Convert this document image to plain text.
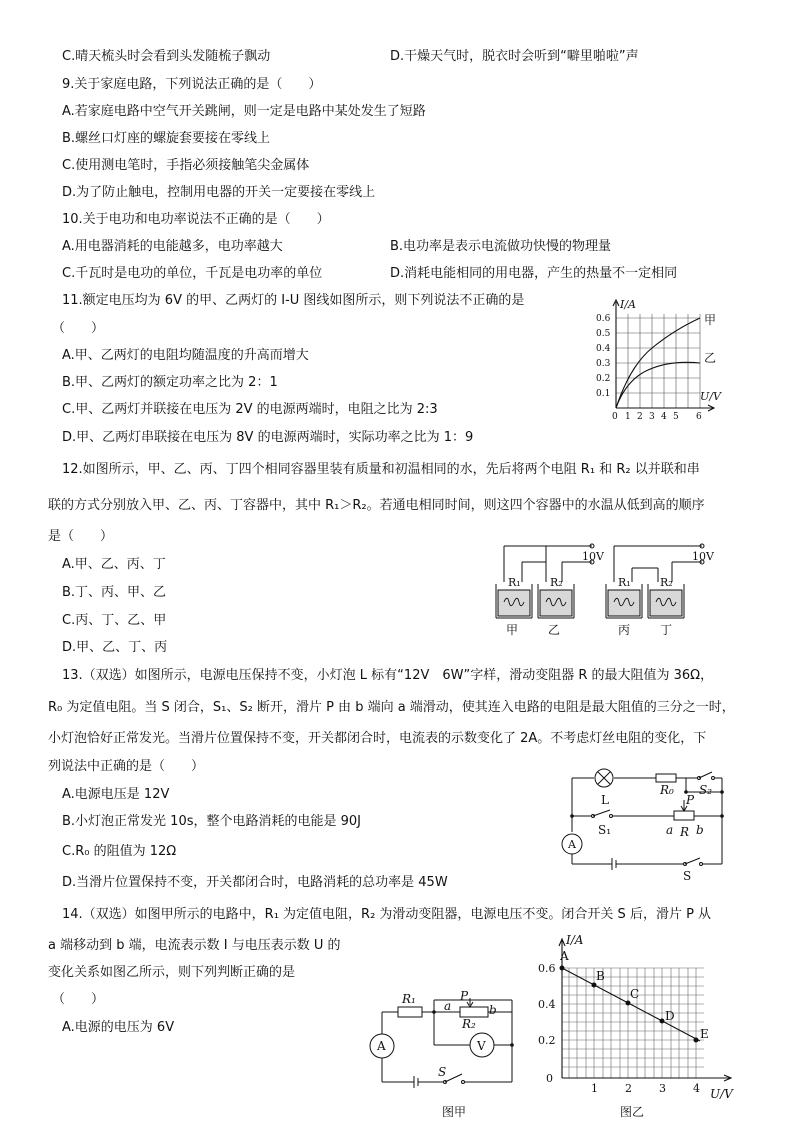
C.晴天梳头时会看到头发随梳子飘动	D.干燥天气时，脱衣时会听到“噼里啪啦”声
9.关于家庭电路，下列说法正确的是（　　）
A.若家庭电路中空气开关跳闸，则一定是电路中某处发生了短路
B.螺丝口灯座的螺旋套要接在零线上
C.使用测电笔时，手指必须接触笔尖金属体
D.为了防止触电，控制用电器的开关一定要接在零线上
10.关于电功和电功率说法不正确的是（　　）
A.用电器消耗的电能越多，电功率越大	B.电功率是表示电流做功快慢的物理量
C.千瓦时是电功的单位，千瓦是电功率的单位	D.消耗电能相同的用电器，产生的热量不一定相同
11.额定电压均为 6V 的甲、乙两灯的 I-U 图线如图所示，则下列说法不正确的是
（　　）
A.甲、乙两灯的电阻均随温度的升高而增大
B.甲、乙两灯的额定功率之比为 2：1
C.甲、乙两灯并联接在电压为 2V 的电源两端时，电阻之比为 2:3
D.甲、乙两灯串联接在电压为 8V 的电源两端时，实际功率之比为 1：9
I/A
U/V
0.6
0.5
0.4
0.3
0.2
0.1
0 1 2 3 4 5 6
甲
乙
12.如图所示，甲、乙、丙、丁四个相同容器里装有质量和初温相同的水，先后将两个电阻 R₁ 和 R₂ 以并联和串
联的方式分别放入甲、乙、丙、丁容器中，其中 R₁＞R₂。若通电相同时间，则这四个容器中的水温从低到高的顺序
是（　　）
A.甲、乙、丙、丁
B.丁、丙、甲、乙
C.丙、丁、乙、甲
D.甲、乙、丁、丙
10V	10V
R₁	R₂	R₁	R₂
甲 乙	丙 丁
13.（双选）如图所示，电源电压保持不变，小灯泡 L 标有“12V　6W”字样，滑动变阻器 R 的最大阻值为 36Ω，
R₀ 为定值电阻。当 S 闭合，S₁、S₂ 断开，滑片 P 由 b 端向 a 端滑动，使其连入电路的电阻是最大阻值的三分之一时，
小灯泡恰好正常发光。当滑片位置保持不变，开关都闭合时，电流表的示数变化了 2A。不考虑灯丝电阻的变化，下
列说法中正确的是（　　）
A.电源电压是 12V
B.小灯泡正常发光 10s，整个电路消耗的电能是 90J
C.R₀ 的阻值为 12Ω
D.当滑片位置保持不变，开关都闭合时，电路消耗的总功率是 45W
L
R₀ S₂
P
S₁	a R b
A
S
14.（双选）如图甲所示的电路中，R₁ 为定值电阻，R₂ 为滑动变阻器，电源电压不变。闭合开关 S 后，滑片 P 从
a 端移动到 b 端，电流表示数 I 与电压表示数 U 的
变化关系如图乙所示，则下列判断正确的是
（　　）
A.电源的电压为 6V
R₁ a
P
b
R₂
A	V
S
图甲
I/A
U/V
0.6
0.4
0.2
0
1 2 3 4
A
B
C
D
E
图乙
